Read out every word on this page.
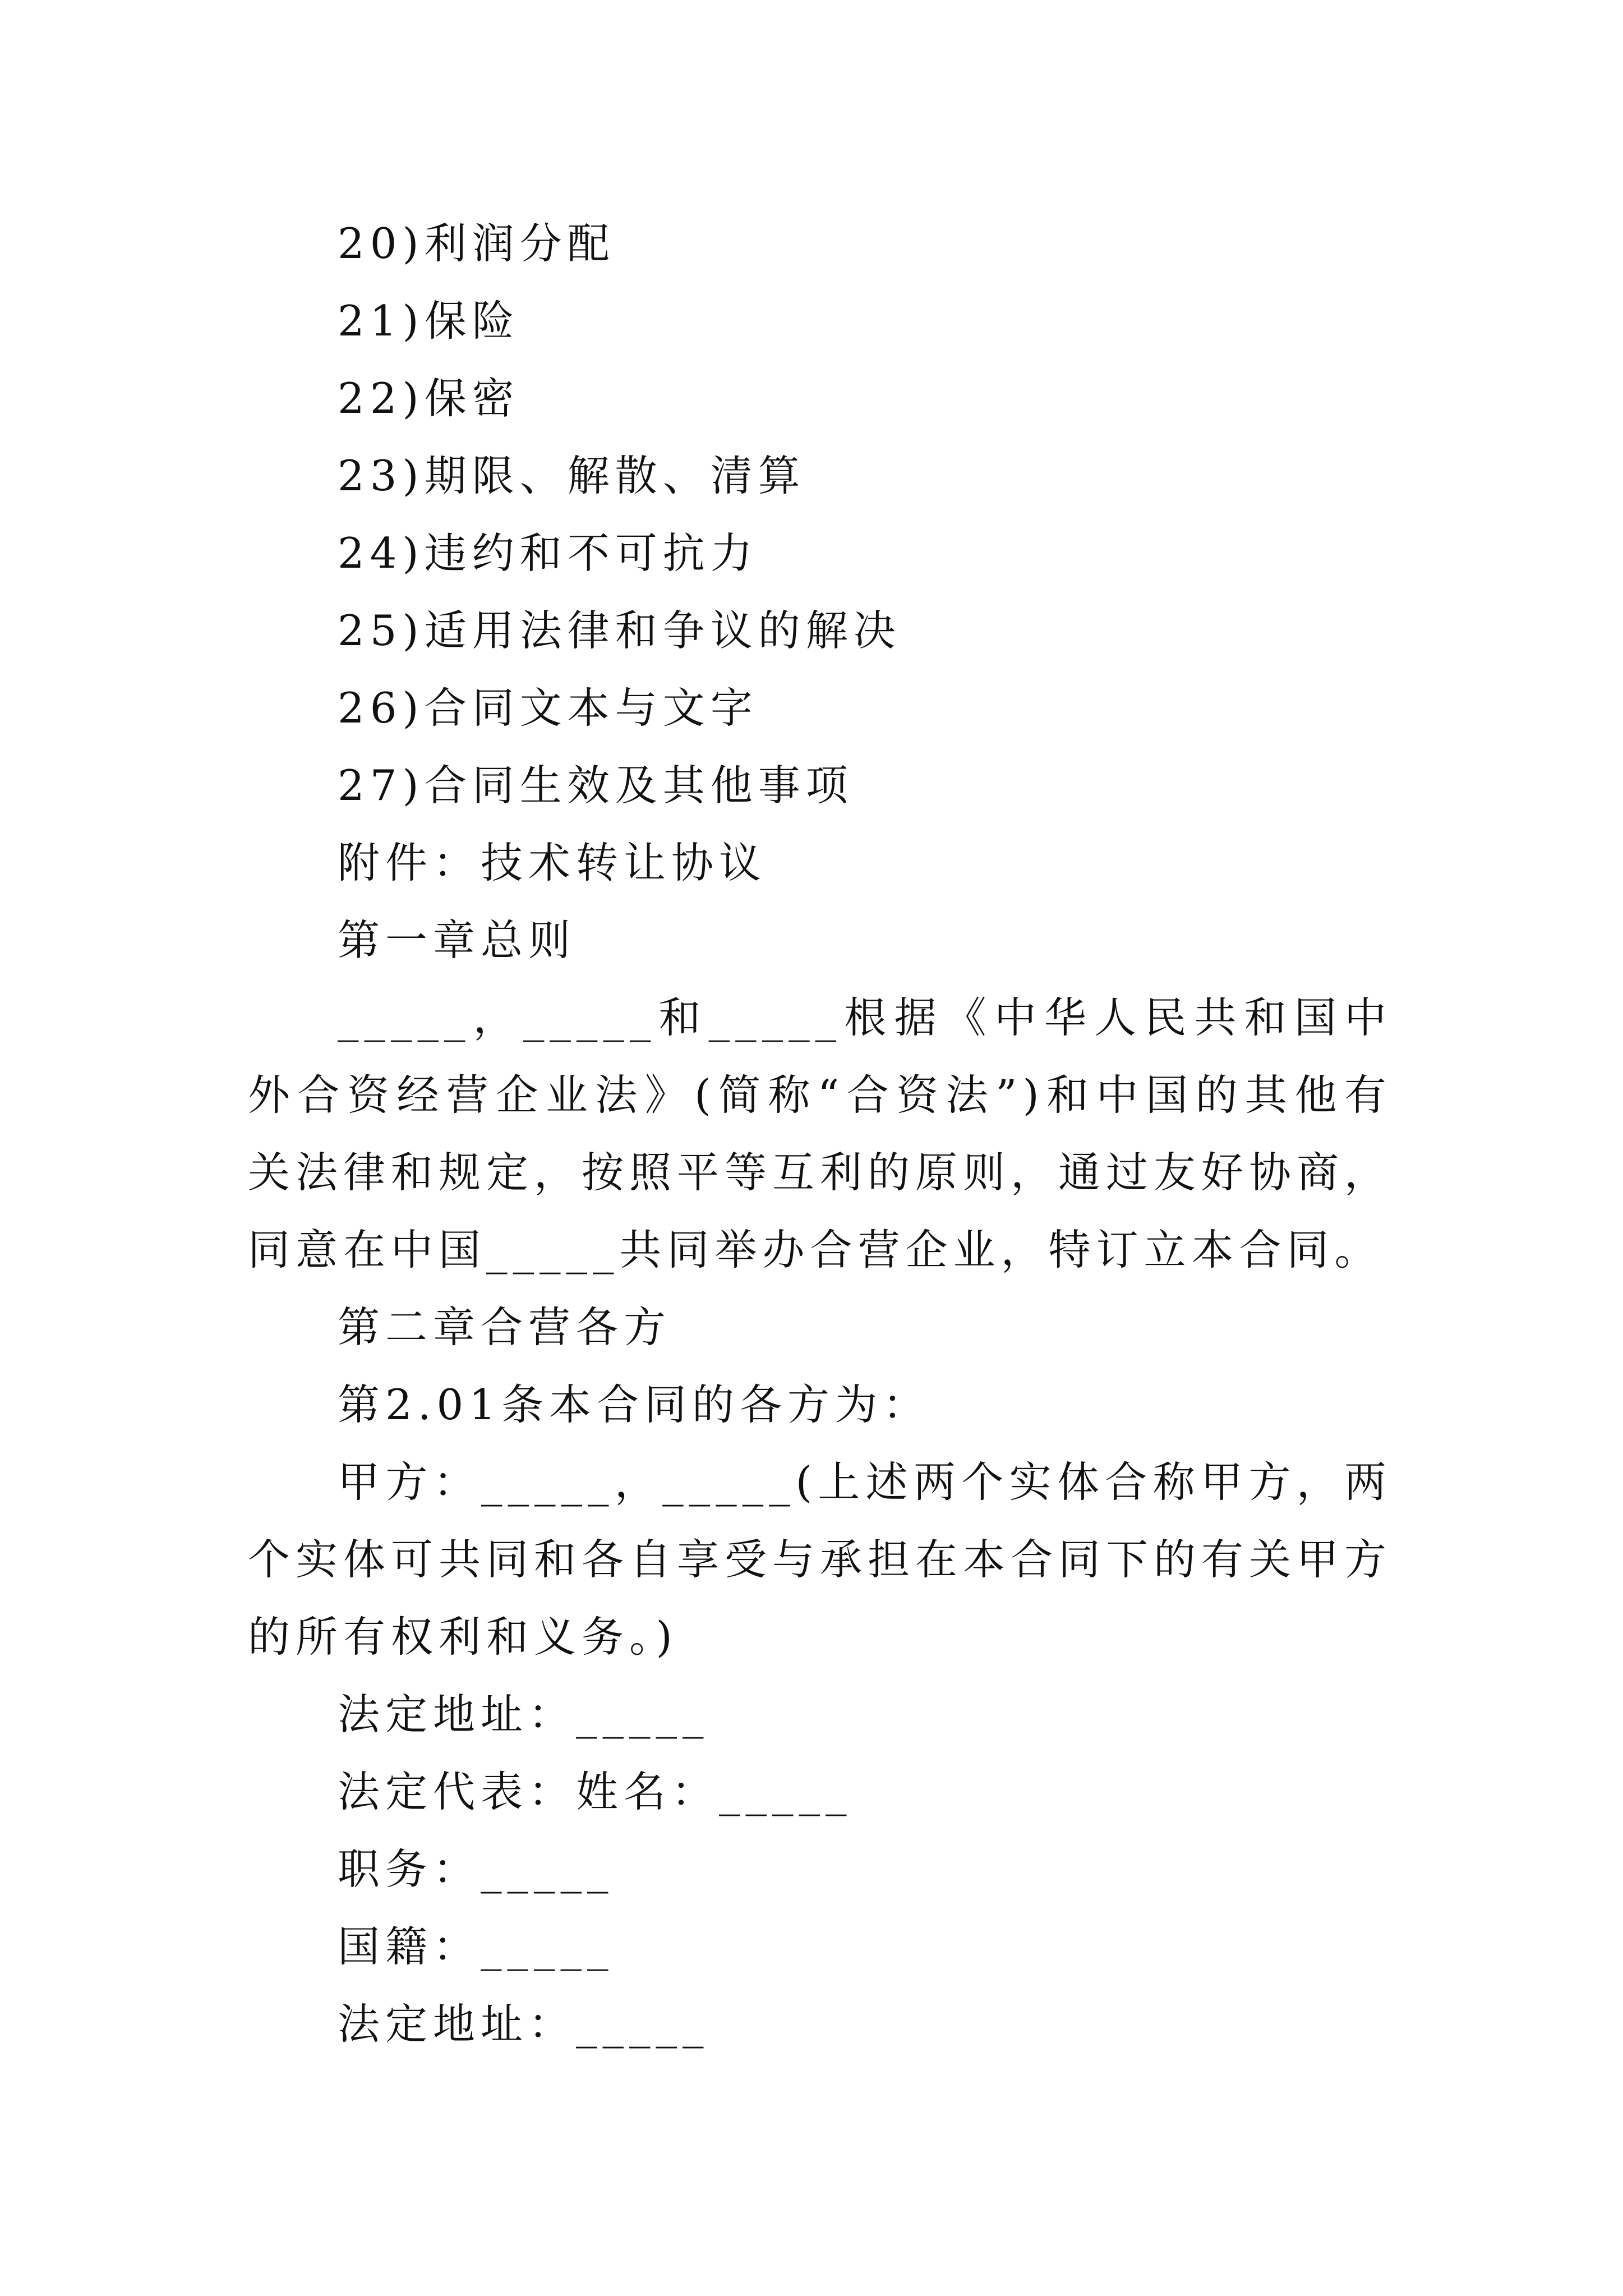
20)利润分配

21)保险

22)保密

23)期限、解散、清算

24)违约和不可抗力

25)适用法律和争议的解决

26)合同文本与文字

27)合同生效及其他事项

附件：技术转让协议

第一章总则

_____，_____和_____根据《中华人民共和国中外合资经营企业法》(简称“合资法”)和中国的其他有关法律和规定，按照平等互利的原则，通过友好协商，同意在中国_____共同举办合营企业，特订立本合同。

第二章合营各方

第2.01条本合同的各方为：

甲方：_____，_____(上述两个实体合称甲方，两个实体可共同和各自享受与承担在本合同下的有关甲方的所有权利和义务。)

法定地址：_____

法定代表：姓名：_____

职务：_____

国籍：_____

法定地址：_____
